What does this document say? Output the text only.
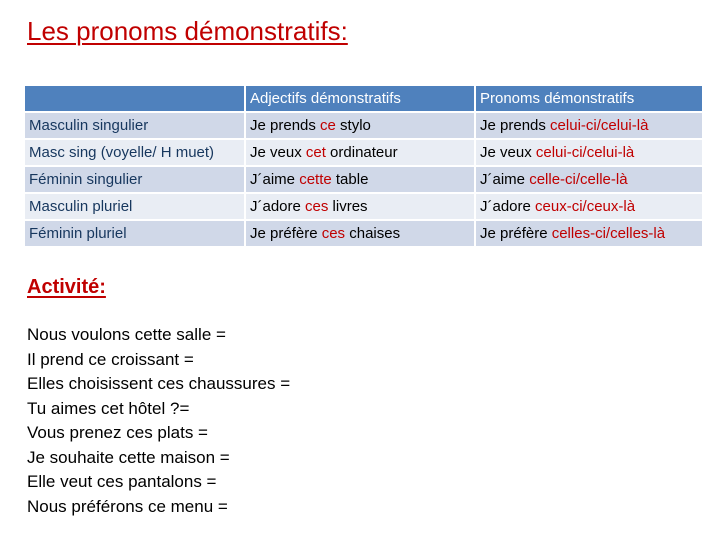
Les pronoms démonstratifs:
	Adjectifs démonstratifs	Pronoms démonstratifs
Masculin singulier	Je prends ce stylo	Je prends celui-ci/celui-là
Masc sing (voyelle/ H muet)	Je veux cet ordinateur	Je veux celui-ci/celui-là
Féminin singulier	J´aime cette table	J´aime celle-ci/celle-là
Masculin pluriel	J´adore ces livres	J´adore ceux-ci/ceux-là
Féminin pluriel	Je préfère ces chaises	Je préfère celles-ci/celles-là
Activité:
Nous voulons cette salle =
Il prend ce croissant =
Elles choisissent ces chaussures =
Tu aimes cet hôtel ?=
Vous prenez ces plats =
Je souhaite cette maison =
Elle veut ces pantalons =
Nous préférons ce menu =
